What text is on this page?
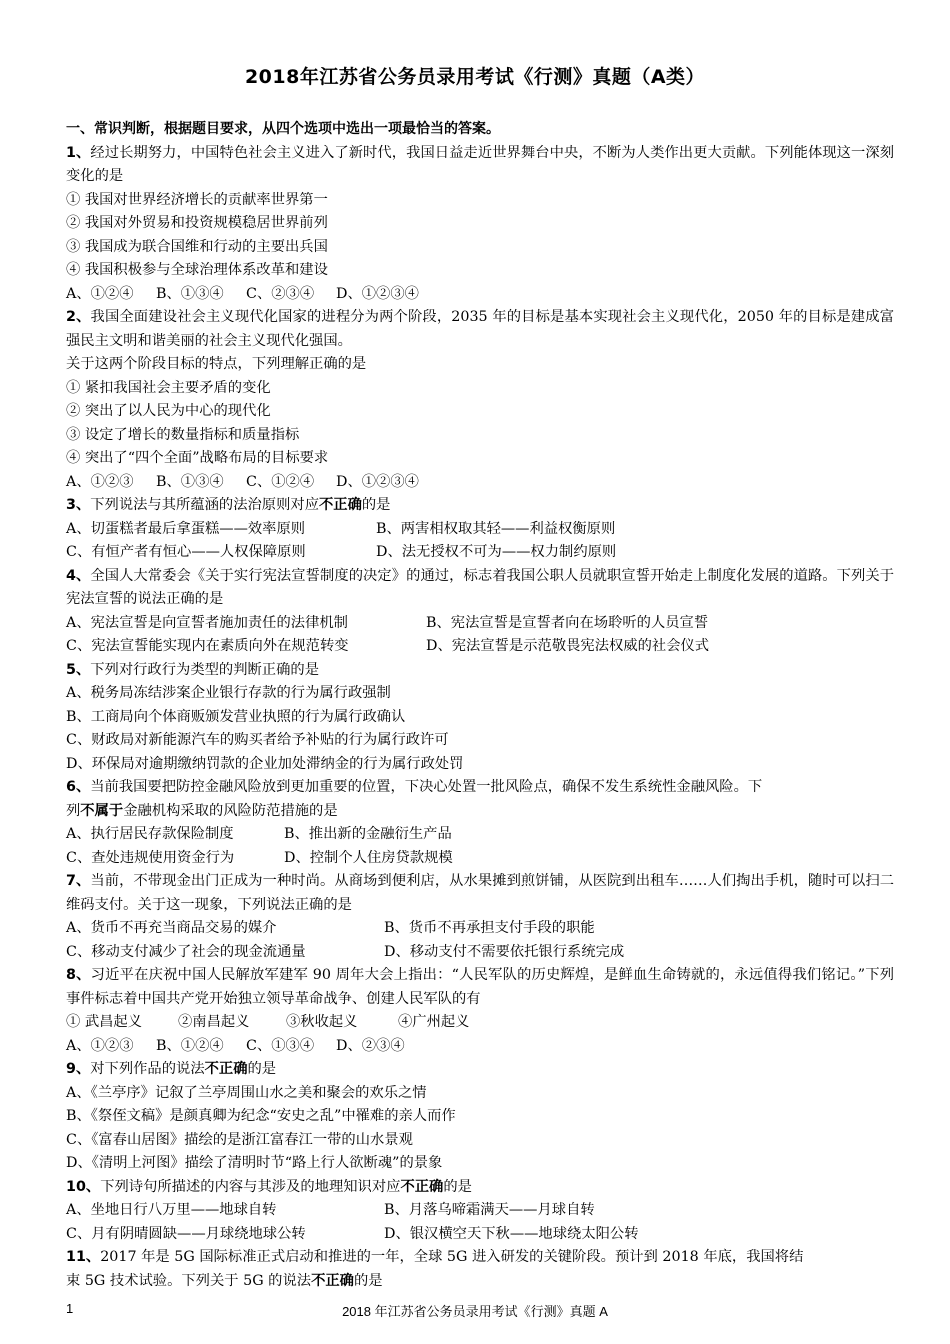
2018年江苏省公务员录用考试《行测》真题（A类）
一、常识判断，根据题目要求，从四个选项中选出一项最恰当的答案。
1、经过长期努力，中国特色社会主义进入了新时代，我国日益走近世界舞台中央，不断为人类作出更大贡献。下列能体现这一深刻变化的是
① 我国对世界经济增长的贡献率世界第一
② 我国对外贸易和投资规模稳居世界前列
③ 我国成为联合国维和行动的主要出兵国
④ 我国积极参与全球治理体系改革和建设
A、①②④ B、①③④ C、②③④ D、①②③④
2、我国全面建设社会主义现代化国家的进程分为两个阶段，2035 年的目标是基本实现社会主义现代化，2050 年的目标是建成富强民主文明和谐美丽的社会主义现代化强国。
关于这两个阶段目标的特点，下列理解正确的是
① 紧扣我国社会主要矛盾的变化
② 突出了以人民为中心的现代化
③ 设定了增长的数量指标和质量指标
④ 突出了“四个全面”战略布局的目标要求
A、①②③ B、①③④ C、①②④ D、①②③④
3、下列说法与其所蕴涵的法治原则对应不正确的是
A、切蛋糕者最后拿蛋糕——效率原则	B、两害相权取其轻——利益权衡原则
C、有恒产者有恒心——人权保障原则	D、法无授权不可为——权力制约原则
4、全国人大常委会《关于实行宪法宣誓制度的决定》的通过，标志着我国公职人员就职宣誓开始走上制度化发展的道路。下列关于宪法宣誓的说法正确的是
A、宪法宣誓是向宣誓者施加责任的法律机制	B、宪法宣誓是宣誓者向在场聆听的人员宣誓
C、宪法宣誓能实现内在素质向外在规范转变	D、宪法宣誓是示范敬畏宪法权威的社会仪式
5、下列对行政行为类型的判断正确的是
A、税务局冻结涉案企业银行存款的行为属行政强制
B、工商局向个体商贩颁发营业执照的行为属行政确认
C、财政局对新能源汽车的购买者给予补贴的行为属行政许可
D、环保局对逾期缴纳罚款的企业加处滞纳金的行为属行政处罚
6、当前我国要把防控金融风险放到更加重要的位置，下决心处置一批风险点，确保不发生系统性金融风险。下
列不属于金融机构采取的风险防范措施的是
A、执行居民存款保险制度	B、推出新的金融衍生产品
C、查处违规使用资金行为	D、控制个人住房贷款规模
7、当前，不带现金出门正成为一种时尚。从商场到便利店，从水果摊到煎饼铺，从医院到出租车……人们掏出手机，随时可以扫二维码支付。关于这一现象，下列说法正确的是
A、货币不再充当商品交易的媒介	B、货币不再承担支付手段的职能
C、移动支付减少了社会的现金流通量	D、移动支付不需要依托银行系统完成
8、习近平在庆祝中国人民解放军建军 90 周年大会上指出：“人民军队的历史辉煌，是鲜血生命铸就的，永远值得我们铭记。”下列事件标志着中国共产党开始独立领导革命战争、创建人民军队的有
① 武昌起义	②南昌起义	③秋收起义	④广州起义
A、①②③ B、①②④ C、①③④ D、②③④
9、对下列作品的说法不正确的是
A、《兰亭序》记叙了兰亭周围山水之美和聚会的欢乐之情
B、《祭侄文稿》是颜真卿为纪念“安史之乱”中罹难的亲人而作
C、《富春山居图》描绘的是浙江富春江一带的山水景观
D、《清明上河图》描绘了清明时节“路上行人欲断魂”的景象
10、下列诗句所描述的内容与其涉及的地理知识对应不正确的是
A、坐地日行八万里——地球自转	B、月落乌啼霜满天——月球自转
C、月有阴晴圆缺——月球绕地球公转	D、银汉横空天下秋——地球绕太阳公转
11、2017 年是 5G 国际标准正式启动和推进的一年，全球 5G 进入研发的关键阶段。预计到 2018 年底，我国将结
束 5G 技术试验。下列关于 5G 的说法不正确的是
1	2018 年江苏省公务员录用考试《行测》真题 A
